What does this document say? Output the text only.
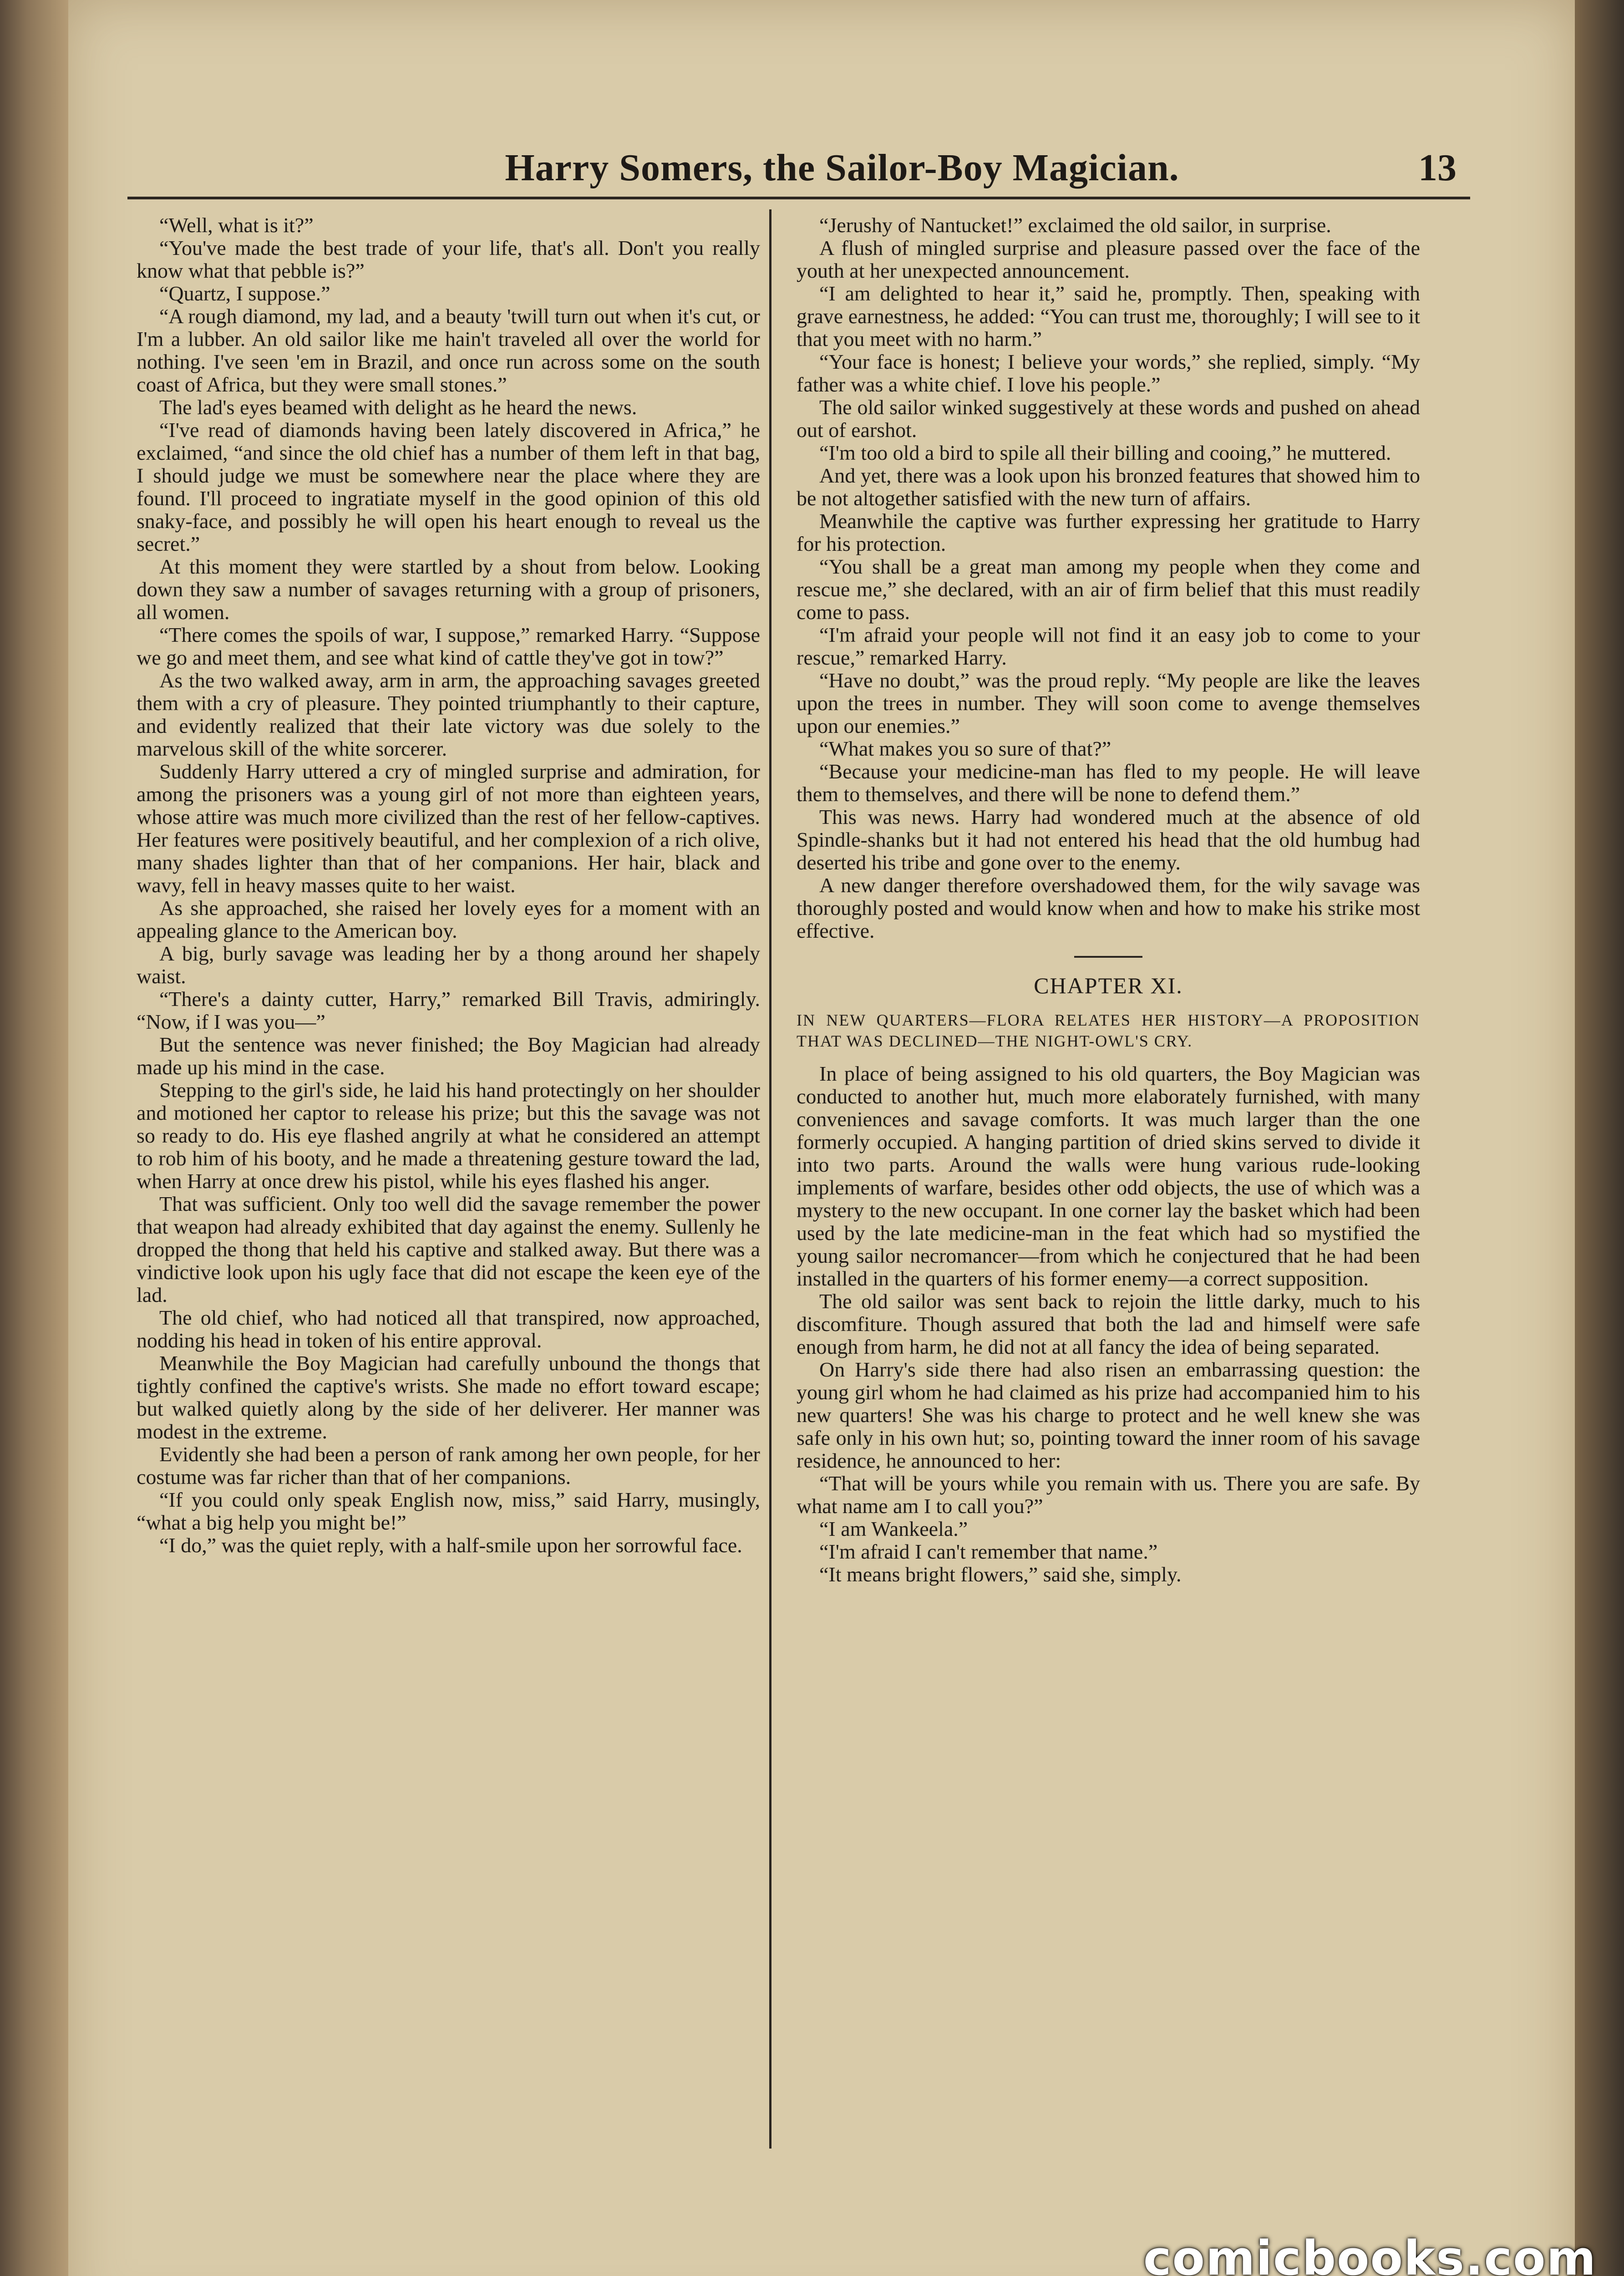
Harry Somers, the Sailor-Boy Magician.	13

“Well, what is it?”

“You've made the best trade of your life, that's all. Don't you really know what that pebble is?”

“Quartz, I suppose.”

“A rough diamond, my lad, and a beauty 'twill turn out when it's cut, or I'm a lubber. An old sailor like me hain't traveled all over the world for nothing. I've seen 'em in Brazil, and once run across some on the south coast of Africa, but they were small stones.”

The lad's eyes beamed with delight as he heard the news.

“I've read of diamonds having been lately discovered in Africa,” he exclaimed, “and since the old chief has a number of them left in that bag, I should judge we must be somewhere near the place where they are found. I'll proceed to ingratiate myself in the good opinion of this old snaky-face, and possibly he will open his heart enough to reveal us the secret.”

At this moment they were startled by a shout from below. Looking down they saw a number of savages returning with a group of prisoners, all women.

“There comes the spoils of war, I suppose,” remarked Harry. “Suppose we go and meet them, and see what kind of cattle they've got in tow?”

As the two walked away, arm in arm, the approaching savages greeted them with a cry of pleasure. They pointed triumphantly to their capture, and evidently realized that their late victory was due solely to the marvelous skill of the white sorcerer.

Suddenly Harry uttered a cry of mingled surprise and admiration, for among the prisoners was a young girl of not more than eighteen years, whose attire was much more civilized than the rest of her fellow-captives. Her features were positively beautiful, and her complexion of a rich olive, many shades lighter than that of her companions. Her hair, black and wavy, fell in heavy masses quite to her waist.

As she approached, she raised her lovely eyes for a moment with an appealing glance to the American boy.

A big, burly savage was leading her by a thong around her shapely waist.

“There's a dainty cutter, Harry,” remarked Bill Travis, admiringly. “Now, if I was you—”

But the sentence was never finished; the Boy Magician had already made up his mind in the case.

Stepping to the girl's side, he laid his hand protectingly on her shoulder and motioned her captor to release his prize; but this the savage was not so ready to do. His eye flashed angrily at what he considered an attempt to rob him of his booty, and he made a threatening gesture toward the lad, when Harry at once drew his pistol, while his eyes flashed his anger.

That was sufficient. Only too well did the savage remember the power that weapon had already exhibited that day against the enemy. Sullenly he dropped the thong that held his captive and stalked away. But there was a vindictive look upon his ugly face that did not escape the keen eye of the lad.

The old chief, who had noticed all that transpired, now approached, nodding his head in token of his entire approval.

Meanwhile the Boy Magician had carefully unbound the thongs that tightly confined the captive's wrists. She made no effort toward escape; but walked quietly along by the side of her deliverer. Her manner was modest in the extreme.

Evidently she had been a person of rank among her own people, for her costume was far richer than that of her companions.

“If you could only speak English now, miss,” said Harry, musingly, “what a big help you might be!”

“I do,” was the quiet reply, with a half-smile upon her sorrowful face.

“Jerushy of Nantucket!” exclaimed the old sailor, in surprise.

A flush of mingled surprise and pleasure passed over the face of the youth at her unexpected announcement.

“I am delighted to hear it,” said he, promptly. Then, speaking with grave earnestness, he added: “You can trust me, thoroughly; I will see to it that you meet with no harm.”

“Your face is honest; I believe your words,” she replied, simply. “My father was a white chief. I love his people.”

The old sailor winked suggestively at these words and pushed on ahead out of earshot.

“I'm too old a bird to spile all their billing and cooing,” he muttered.

And yet, there was a look upon his bronzed features that showed him to be not altogether satisfied with the new turn of affairs.

Meanwhile the captive was further expressing her gratitude to Harry for his protection.

“You shall be a great man among my people when they come and rescue me,” she declared, with an air of firm belief that this must readily come to pass.

“I'm afraid your people will not find it an easy job to come to your rescue,” remarked Harry.

“Have no doubt,” was the proud reply. “My people are like the leaves upon the trees in number. They will soon come to avenge themselves upon our enemies.”

“What makes you so sure of that?”

“Because your medicine-man has fled to my people. He will leave them to themselves, and there will be none to defend them.”

This was news. Harry had wondered much at the absence of old Spindle-shanks but it had not entered his head that the old humbug had deserted his tribe and gone over to the enemy.

A new danger therefore overshadowed them, for the wily savage was thoroughly posted and would know when and how to make his strike most effective.

CHAPTER XI.

IN NEW QUARTERS—FLORA RELATES HER HISTORY—A PROPOSITION THAT WAS DECLINED—THE NIGHT-OWL'S CRY.

In place of being assigned to his old quarters, the Boy Magician was conducted to another hut, much more elaborately furnished, with many conveniences and savage comforts. It was much larger than the one formerly occupied. A hanging partition of dried skins served to divide it into two parts. Around the walls were hung various rude-looking implements of warfare, besides other odd objects, the use of which was a mystery to the new occupant. In one corner lay the basket which had been used by the late medicine-man in the feat which had so mystified the young sailor necromancer—from which he conjectured that he had been installed in the quarters of his former enemy—a correct supposition.

The old sailor was sent back to rejoin the little darky, much to his discomfiture. Though assured that both the lad and himself were safe enough from harm, he did not at all fancy the idea of being separated.

On Harry's side there had also risen an embarrassing question: the young girl whom he had claimed as his prize had accompanied him to his new quarters! She was his charge to protect and he well knew she was safe only in his own hut; so, pointing toward the inner room of his savage residence, he announced to her:

“That will be yours while you remain with us. There you are safe. By what name am I to call you?”

“I am Wankeela.”

“I'm afraid I can't remember that name.”

“It means bright flowers,” said she, simply.

comicbooks.com
